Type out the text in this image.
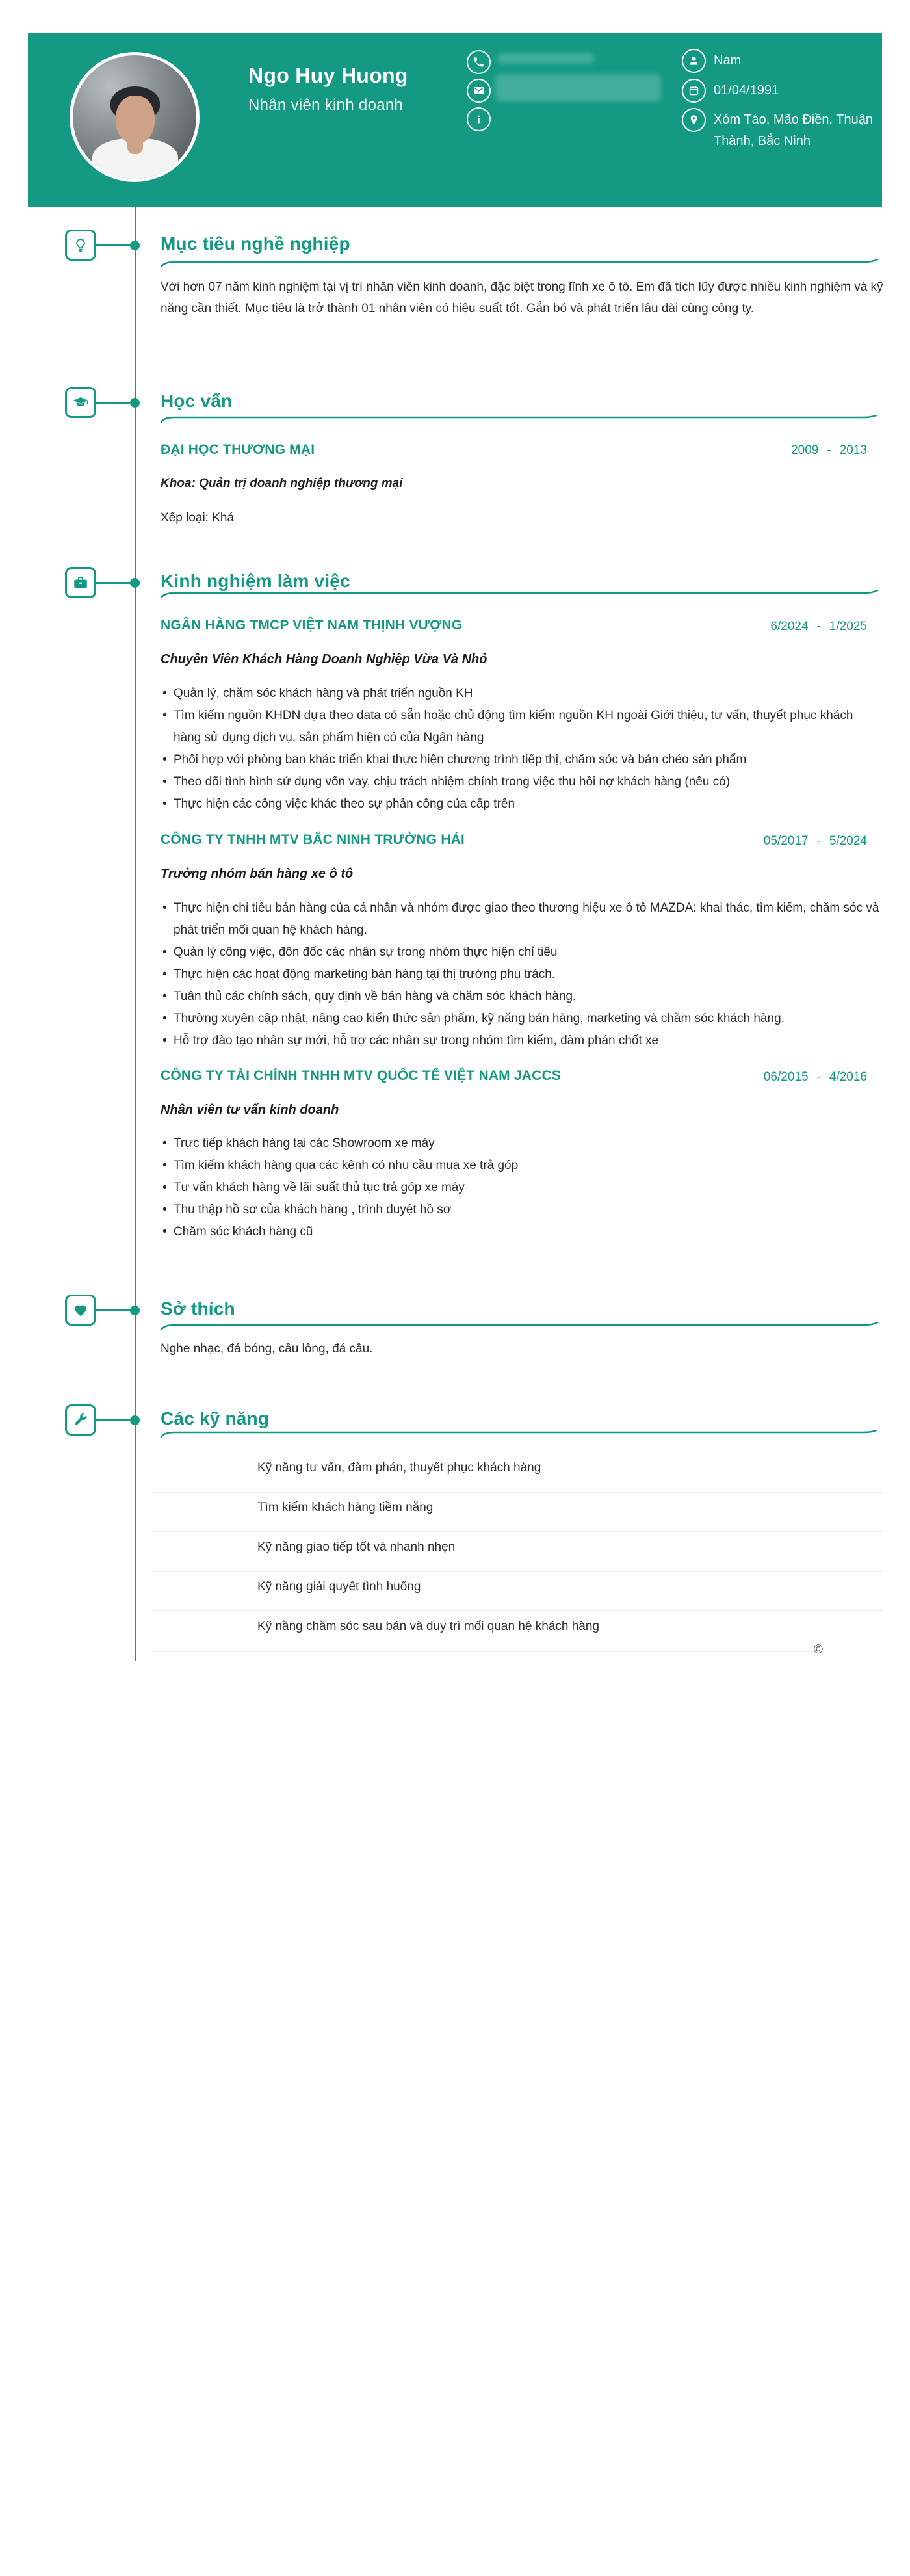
Ngo Huy Huong
Nhân viên kinh doanh
Nam
01/04/1991
Xóm Táo, Mão Điền, Thuận Thành, Bắc Ninh
Mục tiêu nghề nghiệp
Với hơn 07 năm kinh nghiệm tại vị trí nhân viên kinh doanh, đặc biệt trong lĩnh xe ô tô. Em đã tích lũy được nhiều kinh nghiệm và kỹ năng cần thiết. Mục tiêu là trở thành 01 nhân viên có hiệu suất tốt. Gắn bó và phát triển lâu dài cùng công ty.
Học vấn
ĐẠI HỌC THƯƠNG MẠI	2009 - 2013
Khoa: Quản trị doanh nghiệp thương mại
Xếp loại: Khá
Kinh nghiệm làm việc
NGÂN HÀNG TMCP VIỆT NAM THỊNH VƯỢNG	6/2024 - 1/2025
Chuyên Viên Khách Hàng Doanh Nghiệp Vừa Và Nhỏ
• Quản lý, chăm sóc khách hàng và phát triển nguồn KH
• Tìm kiếm nguồn KHDN dựa theo data có sẵn hoặc chủ động tìm kiếm nguồn KH ngoài Giới thiệu, tư vấn, thuyết phục khách hàng sử dụng dịch vụ, sản phẩm hiện có của Ngân hàng
• Phối hợp với phòng ban khác triển khai thực hiện chương trình tiếp thị, chăm sóc và bán chéo sản phẩm
• Theo dõi tình hình sử dụng vốn vay, chịu trách nhiệm chính trong việc thu hồi nợ khách hàng (nếu có)
• Thực hiện các công việc khác theo sự phân công của cấp trên
CÔNG TY TNHH MTV BẮC NINH TRƯỜNG HẢI	05/2017 - 5/2024
Trưởng nhóm bán hàng xe ô tô
• Thực hiện chỉ tiêu bán hàng của cá nhân và nhóm được giao theo thương hiệu xe ô tô MAZDA: khai thác, tìm kiếm, chăm sóc và phát triển mối quan hệ khách hàng.
• Quản lý công việc, đôn đốc các nhân sự trong nhóm thực hiện chỉ tiêu
• Thực hiện các hoạt động marketing bán hàng tại thị trường phụ trách.
• Tuân thủ các chính sách, quy định về bán hàng và chăm sóc khách hàng.
• Thường xuyên cập nhật, nâng cao kiến thức sản phẩm, kỹ năng bán hàng, marketing và chăm sóc khách hàng.
• Hỗ trợ đào tạo nhân sự mới, hỗ trợ các nhân sự trong nhóm tìm kiếm, đàm phán chốt xe
CÔNG TY TÀI CHÍNH TNHH MTV QUỐC TẾ VIỆT NAM JACCS	06/2015 - 4/2016
Nhân viên tư vấn kinh doanh
• Trực tiếp khách hàng tại các Showroom xe máy
• Tìm kiếm khách hàng qua các kênh có nhu cầu mua xe trả góp
• Tư vấn khách hàng về lãi suất thủ tục trả góp xe máy
• Thu thập hồ sơ của khách hàng , trình duyệt hồ sơ
• Chăm sóc khách hàng cũ
Sở thích
Nghe nhạc, đá bóng, cầu lông, đá cầu.
Các kỹ năng
Kỹ năng tư vấn, đàm phán, thuyết phục khách hàng
Tìm kiếm khách hàng tiềm năng
Kỹ năng giao tiếp tốt và nhanh nhẹn
Kỹ năng giải quyết tình huống
Kỹ năng chăm sóc sau bán và duy trì mối quan hệ khách hàng
©
